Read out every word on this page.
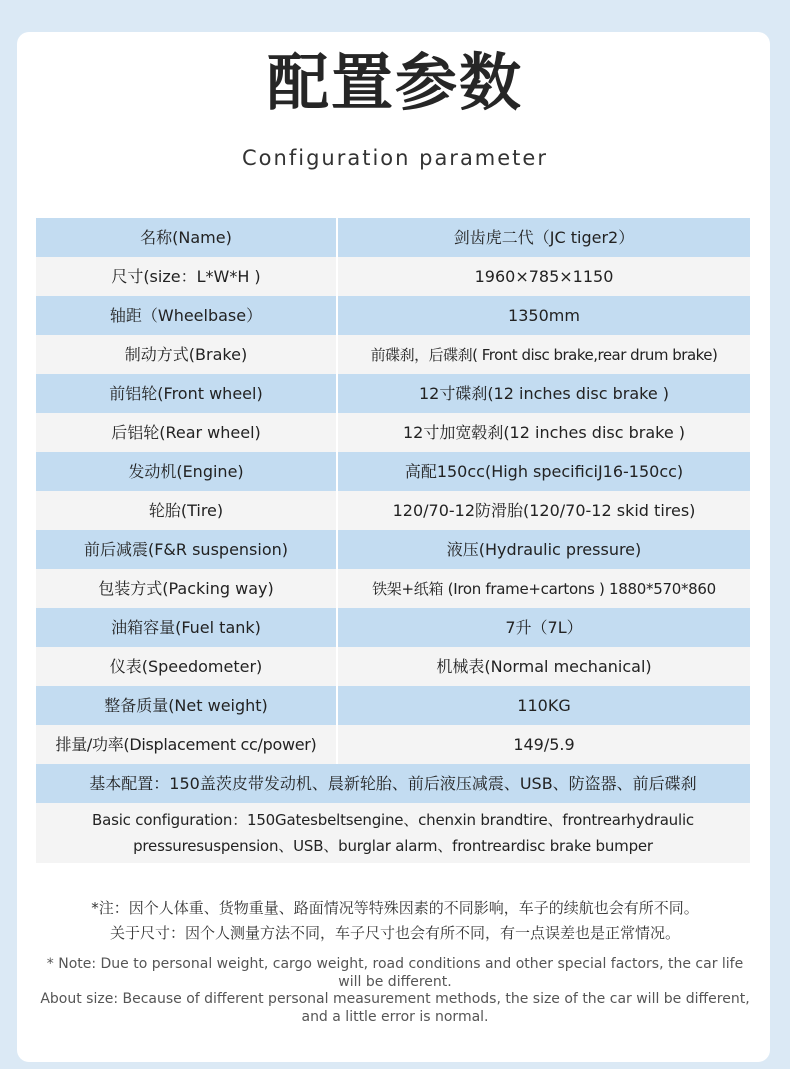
配置参数
Configuration parameter
名称(Name)	剑齿虎二代（JC tiger2）
尺寸(size：L*W*H )	1960×785×1150
轴距（Wheelbase）	1350mm
制动方式(Brake)	前碟刹，后碟刹( Front disc brake,rear drum brake)
前铝轮(Front wheel)	12寸碟刹(12 inches disc brake )
后铝轮(Rear wheel)	12寸加宽毂刹(12 inches disc brake )
发动机(Engine)	高配150cc(High specificiJ16-150cc)
轮胎(Tire)	120/70-12防滑胎(120/70-12 skid tires)
前后减震(F&R suspension)	液压(Hydraulic pressure)
包装方式(Packing way)	铁架+纸箱 (Iron frame+cartons ) 1880*570*860
油箱容量(Fuel tank)	7升（7L）
仪表(Speedometer)	机械表(Normal mechanical)
整备质量(Net weight)	110KG
排量/功率(Displacement cc/power)	149/5.9
基本配置：150盖茨皮带发动机、晨新轮胎、前后液压减震、USB、防盗器、前后碟刹	

Basic configuration：150Gatesbeltsengine、chenxin brandtire、frontrearhydraulic
pressuresuspension、USB、burglar alarm、frontreardisc brake bumper	
*注：因个人体重、货物重量、路面情况等特殊因素的不同影响，车子的续航也会有所不同。
关于尺寸：因个人测量方法不同，车子尺寸也会有所不同，有一点误差也是正常情况。
* Note: Due to personal weight, cargo weight, road conditions and other special factors, the car life will be different.
About size: Because of different personal measurement methods, the size of the car will be different, and a little error is normal.
